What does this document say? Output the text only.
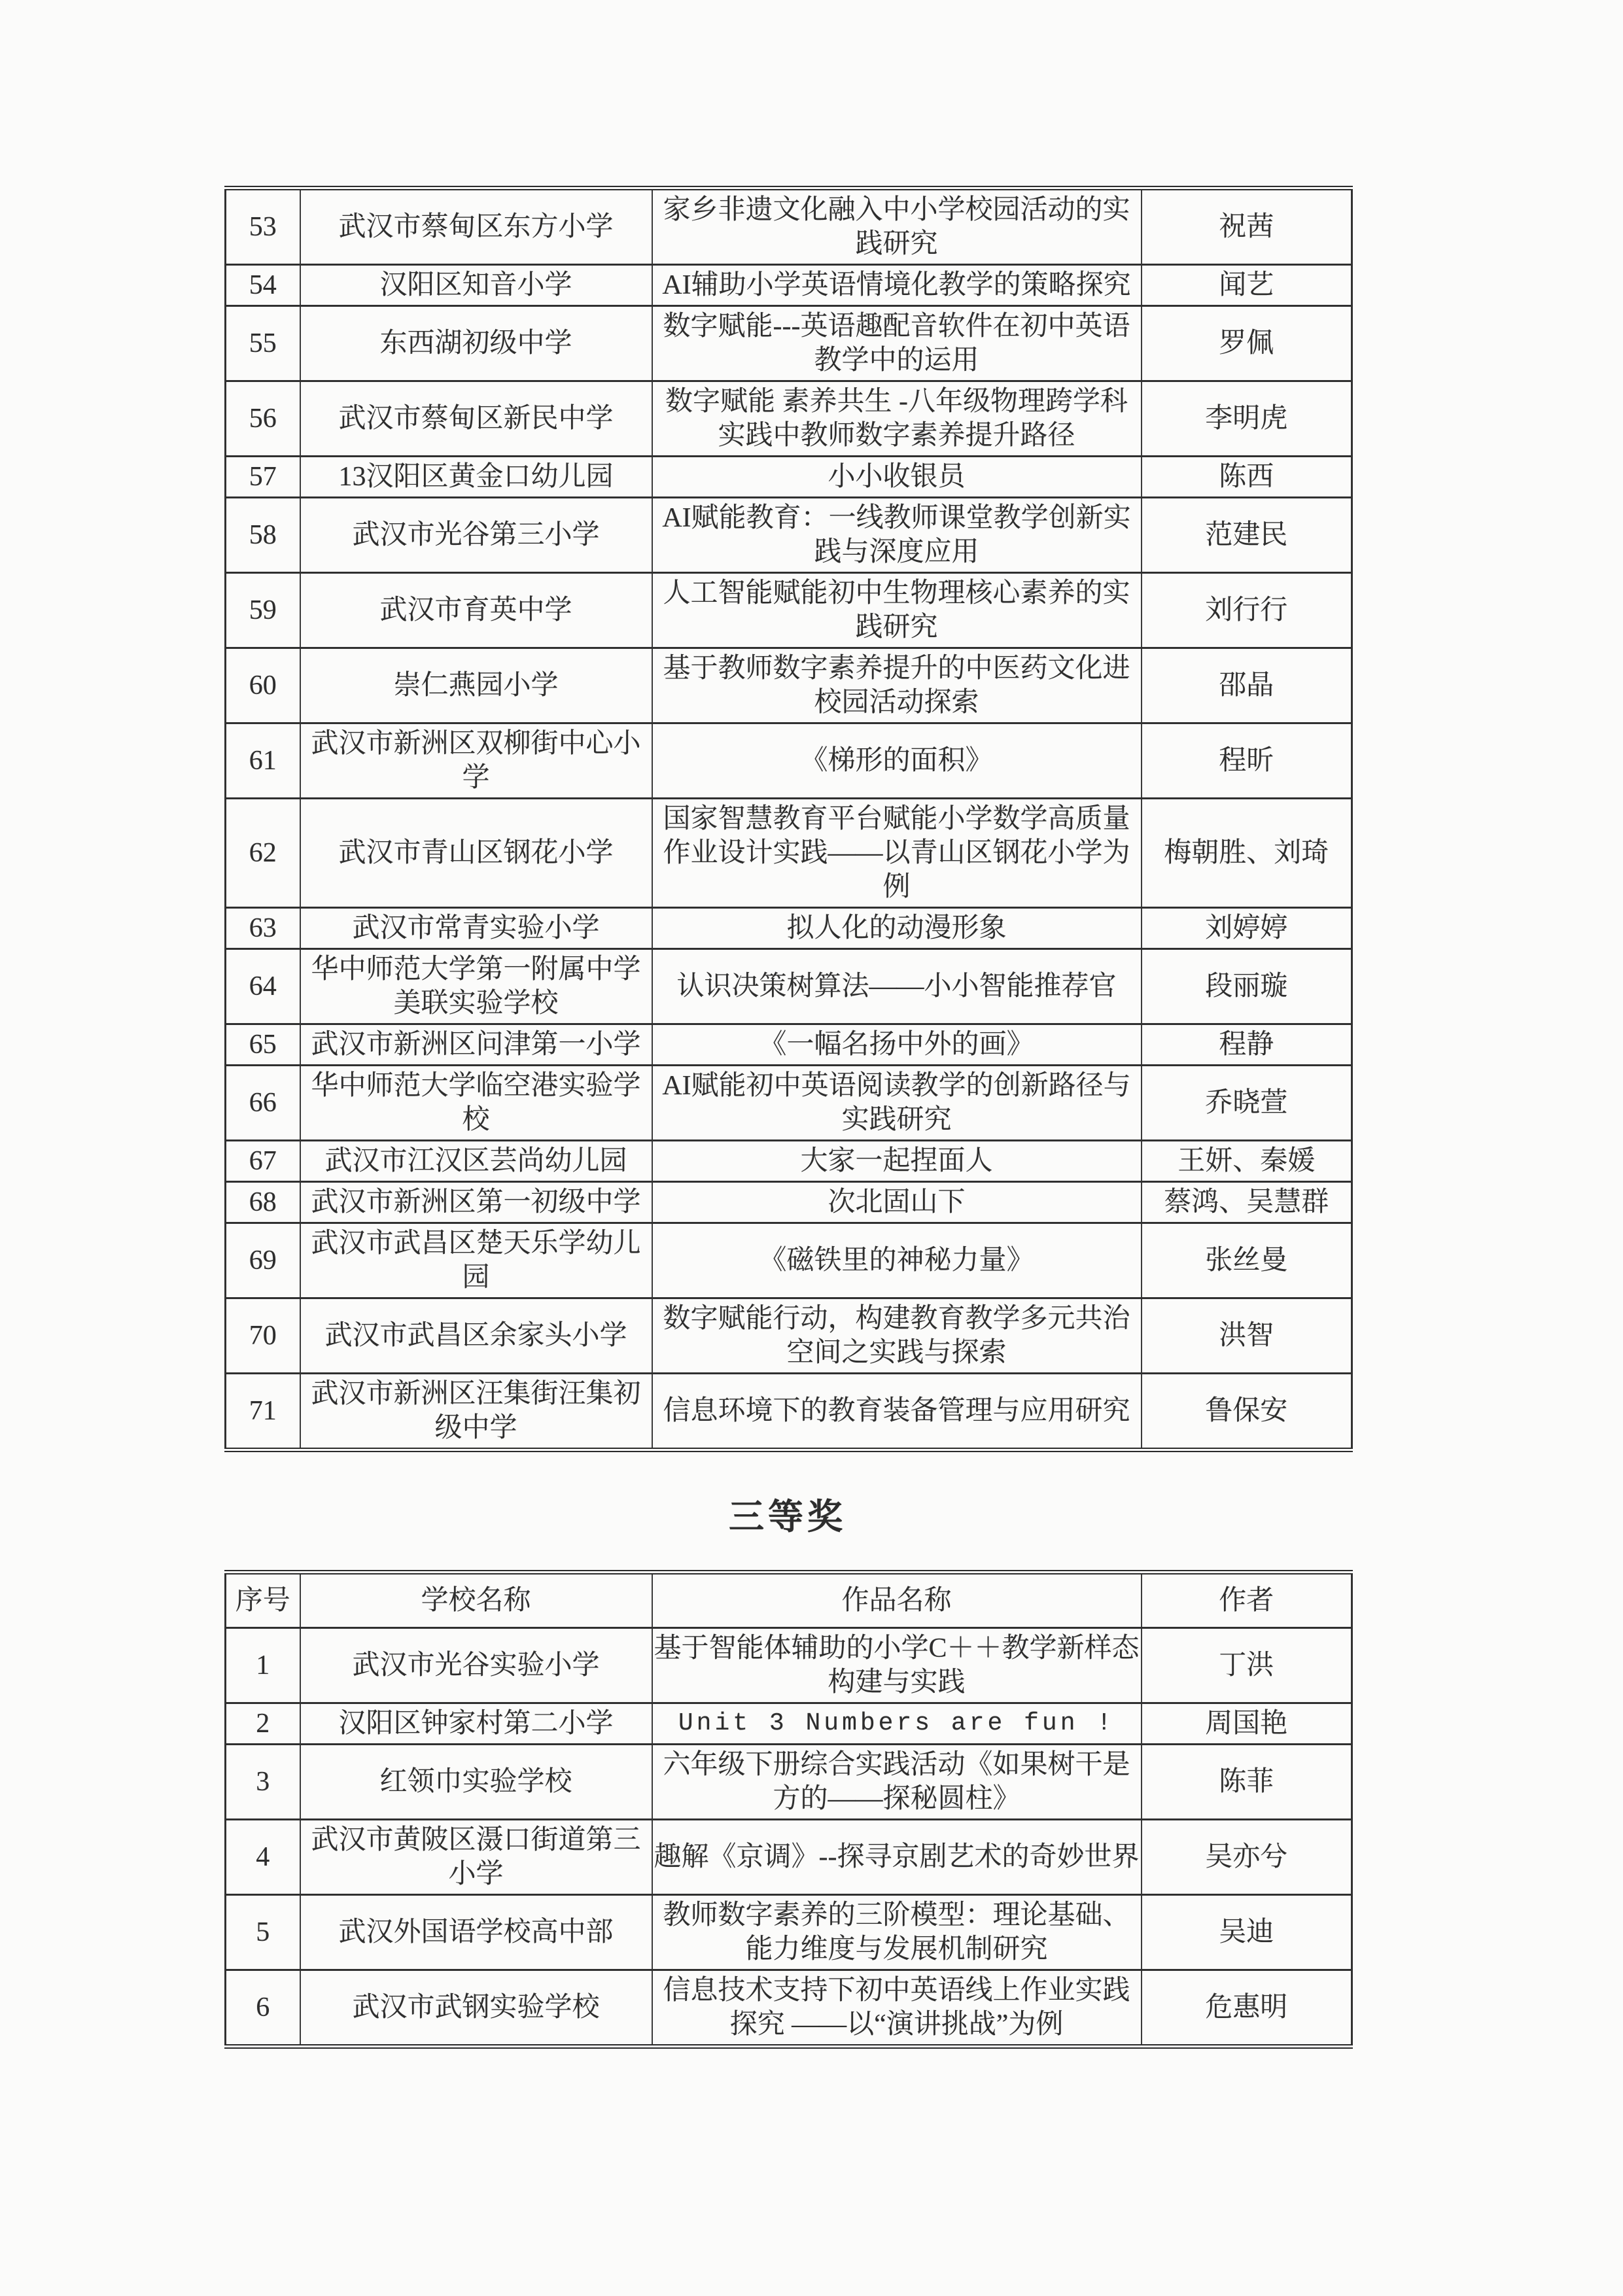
53	武汉市蔡甸区东方小学	家乡非遗文化融入中小学校园活动的实践研究	祝茜
54	汉阳区知音小学	AI辅助小学英语情境化教学的策略探究	闻艺
55	东西湖初级中学	数字赋能---英语趣配音软件在初中英语教学中的运用	罗佩
56	武汉市蔡甸区新民中学	数字赋能 素养共生 -八年级物理跨学科实践中教师数字素养提升路径	李明虎
57	13汉阳区黄金口幼儿园	小小收银员	陈西
58	武汉市光谷第三小学	AI赋能教育：一线教师课堂教学创新实践与深度应用	范建民
59	武汉市育英中学	人工智能赋能初中生物理核心素养的实践研究	刘行行
60	崇仁燕园小学	基于教师数字素养提升的中医药文化进校园活动探索	邵晶
61	武汉市新洲区双柳街中心小学	《梯形的面积》	程昕
62	武汉市青山区钢花小学	国家智慧教育平台赋能小学数学高质量作业设计实践——以青山区钢花小学为例	梅朝胜、刘琦
63	武汉市常青实验小学	拟人化的动漫形象	刘婷婷
64	华中师范大学第一附属中学美联实验学校	认识决策树算法——小小智能推荐官	段丽璇
65	武汉市新洲区问津第一小学	《一幅名扬中外的画》	程静
66	华中师范大学临空港实验学校	AI赋能初中英语阅读教学的创新路径与实践研究	乔晓萱
67	武汉市江汉区芸尚幼儿园	大家一起捏面人	王妍、秦媛
68	武汉市新洲区第一初级中学	次北固山下	蔡鸿、吴慧群
69	武汉市武昌区楚天乐学幼儿园	《磁铁里的神秘力量》	张丝曼
70	武汉市武昌区余家头小学	数字赋能行动，构建教育教学多元共治空间之实践与探索	洪智
71	武汉市新洲区汪集街汪集初级中学	信息环境下的教育装备管理与应用研究	鲁保安
三等奖
序号	学校名称	作品名称	作者
1	武汉市光谷实验小学	基于智能体辅助的小学C＋＋教学新样态构建与实践	丁洪
2	汉阳区钟家村第二小学	Unit 3 Numbers are fun !	周国艳
3	红领巾实验学校	六年级下册综合实践活动《如果树干是方的——探秘圆柱》	陈菲
4	武汉市黄陂区滠口街道第三小学	趣解《京调》--探寻京剧艺术的奇妙世界	吴亦兮
5	武汉外国语学校高中部	教师数字素养的三阶模型：理论基础、能力维度与发展机制研究	吴迪
6	武汉市武钢实验学校	信息技术支持下初中英语线上作业实践探究 ——以“演讲挑战”为例	危惠明
